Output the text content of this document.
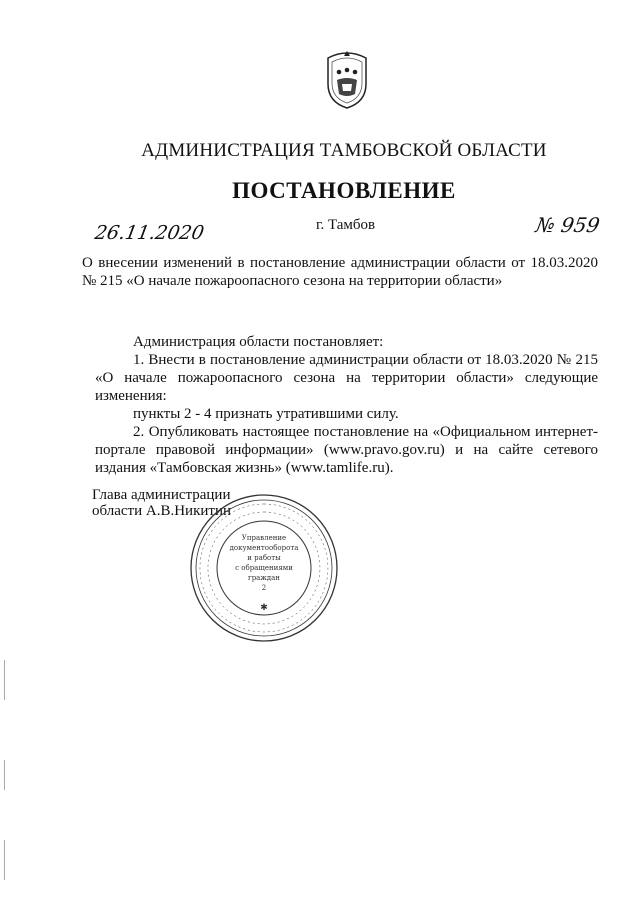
АДМИНИСТРАЦИЯ ТАМБОВСКОЙ ОБЛАСТИ
ПОСТАНОВЛЕНИЕ
26.11.2020	г. Тамбов	№ 959
О внесении изменений в постановление администрации области от 18.03.2020 № 215 «О начале пожароопасного сезона на территории области»

Администрация области постановляет:

1. Внести в постановление администрации области от 18.03.2020 № 215 «О начале пожароопасного сезона на территории области» следующие изменения:

пункты 2 - 4 признать утратившими силу.

2. Опубликовать настоящее постановление на «Официальном интернет-портале правовой информации» (www.pravo.gov.ru) и на сайте сетевого издания «Тамбовская жизнь» (www.tamlife.ru).

Глава администрации
области А.В.Никитин
Управление
документооборота
и работы
с обращениями
граждан
2
✱
